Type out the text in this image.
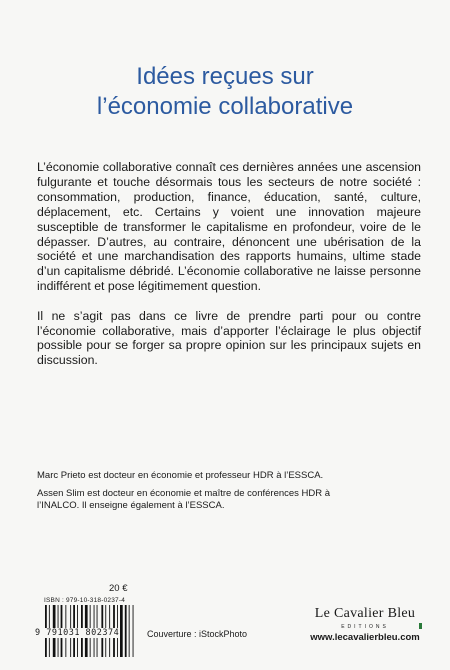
Idées reçues sur
l’économie collaborative

L’économie collaborative connaît ces dernières années une ascension fulgurante et touche désormais tous les secteurs de notre société : consommation, production, finance, éducation, santé, culture, déplacement, etc. Certains y voient une innovation majeure susceptible de transformer le capitalisme en profondeur, voire de le dépasser. D’autres, au contraire, dénoncent une ubérisation de la société et une marchandisation des rapports humains, ultime stade d’un capitalisme débridé. L’économie collaborative ne laisse personne indifférent et pose légitimement question.

Il ne s’agit pas dans ce livre de prendre parti pour ou contre l’économie collaborative, mais d’apporter l’éclairage le plus objectif possible pour se forger sa propre opinion sur les principaux sujets en discussion.

Marc Prieto est docteur en économie et professeur HDR à l’ESSCA.

Assen Slim est docteur en économie et maître de conférences HDR à l’INALCO. Il enseigne également à l’ESSCA.

20 €
ISBN : 979-10-318-0237-4
9 791031 802374	Couverture : iStockPhoto
Le Cavalier Bleu
EDITIONS
www.lecavalierbleu.com
